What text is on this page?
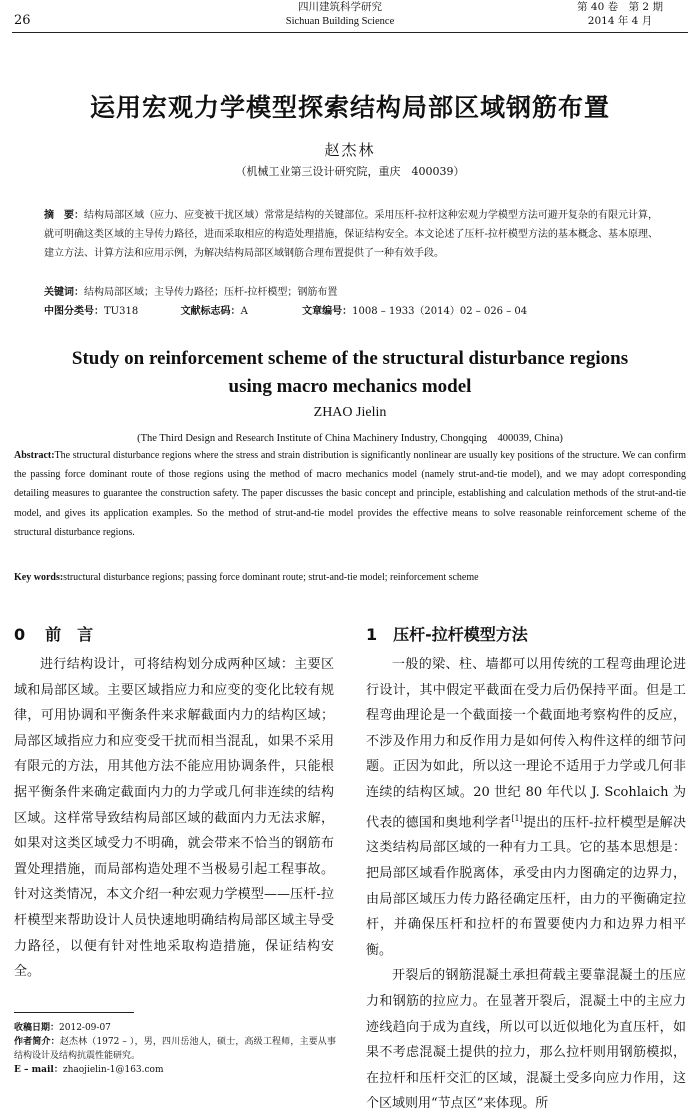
26
四川建筑科学研究
Sichuan Building Science
第 40 卷　第 2 期
2014 年 4 月
运用宏观力学模型探索结构局部区域钢筋布置
赵杰林
（机械工业第三设计研究院，重庆　400039）
摘　要：结构局部区域（应力、应变被干扰区域）常常是结构的关键部位。采用压杆-拉杆这种宏观力学模型方法可避开复杂的有限元计算，就可明确这类区域的主导传力路径，进而采取相应的构造处理措施，保证结构安全。本文论述了压杆-拉杆模型方法的基本概念、基本原理、建立方法、计算方法和应用示例，为解决结构局部区域钢筋合理布置提供了一种有效手段。
关键词：结构局部区域；主导传力路径；压杆-拉杆模型；钢筋布置
中图分类号：TU318	文献标志码：A	文章编号：1008 – 1933（2014）02 – 026 – 04
Study on reinforcement scheme of the structural disturbance regions
using macro mechanics model
ZHAO Jielin
(The Third Design and Research Institute of China Machinery Industry, Chongqing　400039, China)
Abstract:The structural disturbance regions where the stress and strain distribution is significantly nonlinear are usually key positions of the structure. We can confirm the passing force dominant route of those regions using the method of macro mechanics model (namely strut-and-tie model), and we may adopt corresponding detailing measures to guarantee the construction safety. The paper discusses the basic concept and principle, establishing and calculation methods of the strut-and-tie model, and gives its application examples. So the method of strut-and-tie model provides the effective means to solve reasonable reinforcement scheme of the structural disturbance regions.
Key words:structural disturbance regions; passing force dominant route; strut-and-tie model; reinforcement scheme
0 前　言

进行结构设计，可将结构划分成两种区域：主要区域和局部区域。主要区域指应力和应变的变化比较有规律，可用协调和平衡条件来求解截面内力的结构区域；局部区域指应力和应变受干扰而相当混乱，如果不采用有限元的方法，用其他方法不能应用协调条件，只能根据平衡条件来确定截面内力的力学或几何非连续的结构区域。这样常导致结构局部区域的截面内力无法求解，如果对这类区域受力不明确，就会带来不恰当的钢筋布置处理措施，而局部构造处理不当极易引起工程事故。针对这类情况，本文介绍一种宏观力学模型——压杆-拉杆模型来帮助设计人员快速地明确结构局部区域主导受力路径，以便有针对性地采取构造措施，保证结构安全。

收稿日期：2012-09-07
作者简介：赵杰林（1972 – ），男，四川岳池人，硕士，高级工程师，主要从事结构设计及结构抗震性能研究。
E – mail：zhaojielin-1@163.com
1 压杆-拉杆模型方法

一般的梁、柱、墙都可以用传统的工程弯曲理论进行设计，其中假定平截面在受力后仍保持平面。但是工程弯曲理论是一个截面接一个截面地考察构件的反应，不涉及作用力和反作用力是如何传入构件这样的细节问题。正因为如此，所以这一理论不适用于力学或几何非连续的结构区域。20 世纪 80 年代以 J. Scohlaich 为代表的德国和奥地利学者[1]提出的压杆-拉杆模型是解决这类结构局部区域的一种有力工具。它的基本思想是：把局部区域看作脱离体，承受由内力图确定的边界力，由局部区域压力传力路径确定压杆，由力的平衡确定拉杆，并确保压杆和拉杆的布置要使内力和边界力相平衡。

开裂后的钢筋混凝土承担荷载主要靠混凝土的压应力和钢筋的拉应力。在显著开裂后，混凝土中的主应力迹线趋向于成为直线，所以可以近似地化为直压杆，如果不考虑混凝土提供的拉力，那么拉杆则用钢筋模拟，在拉杆和压杆交汇的区域，混凝土受多向应力作用，这个区域则用“节点区”来体现。所
